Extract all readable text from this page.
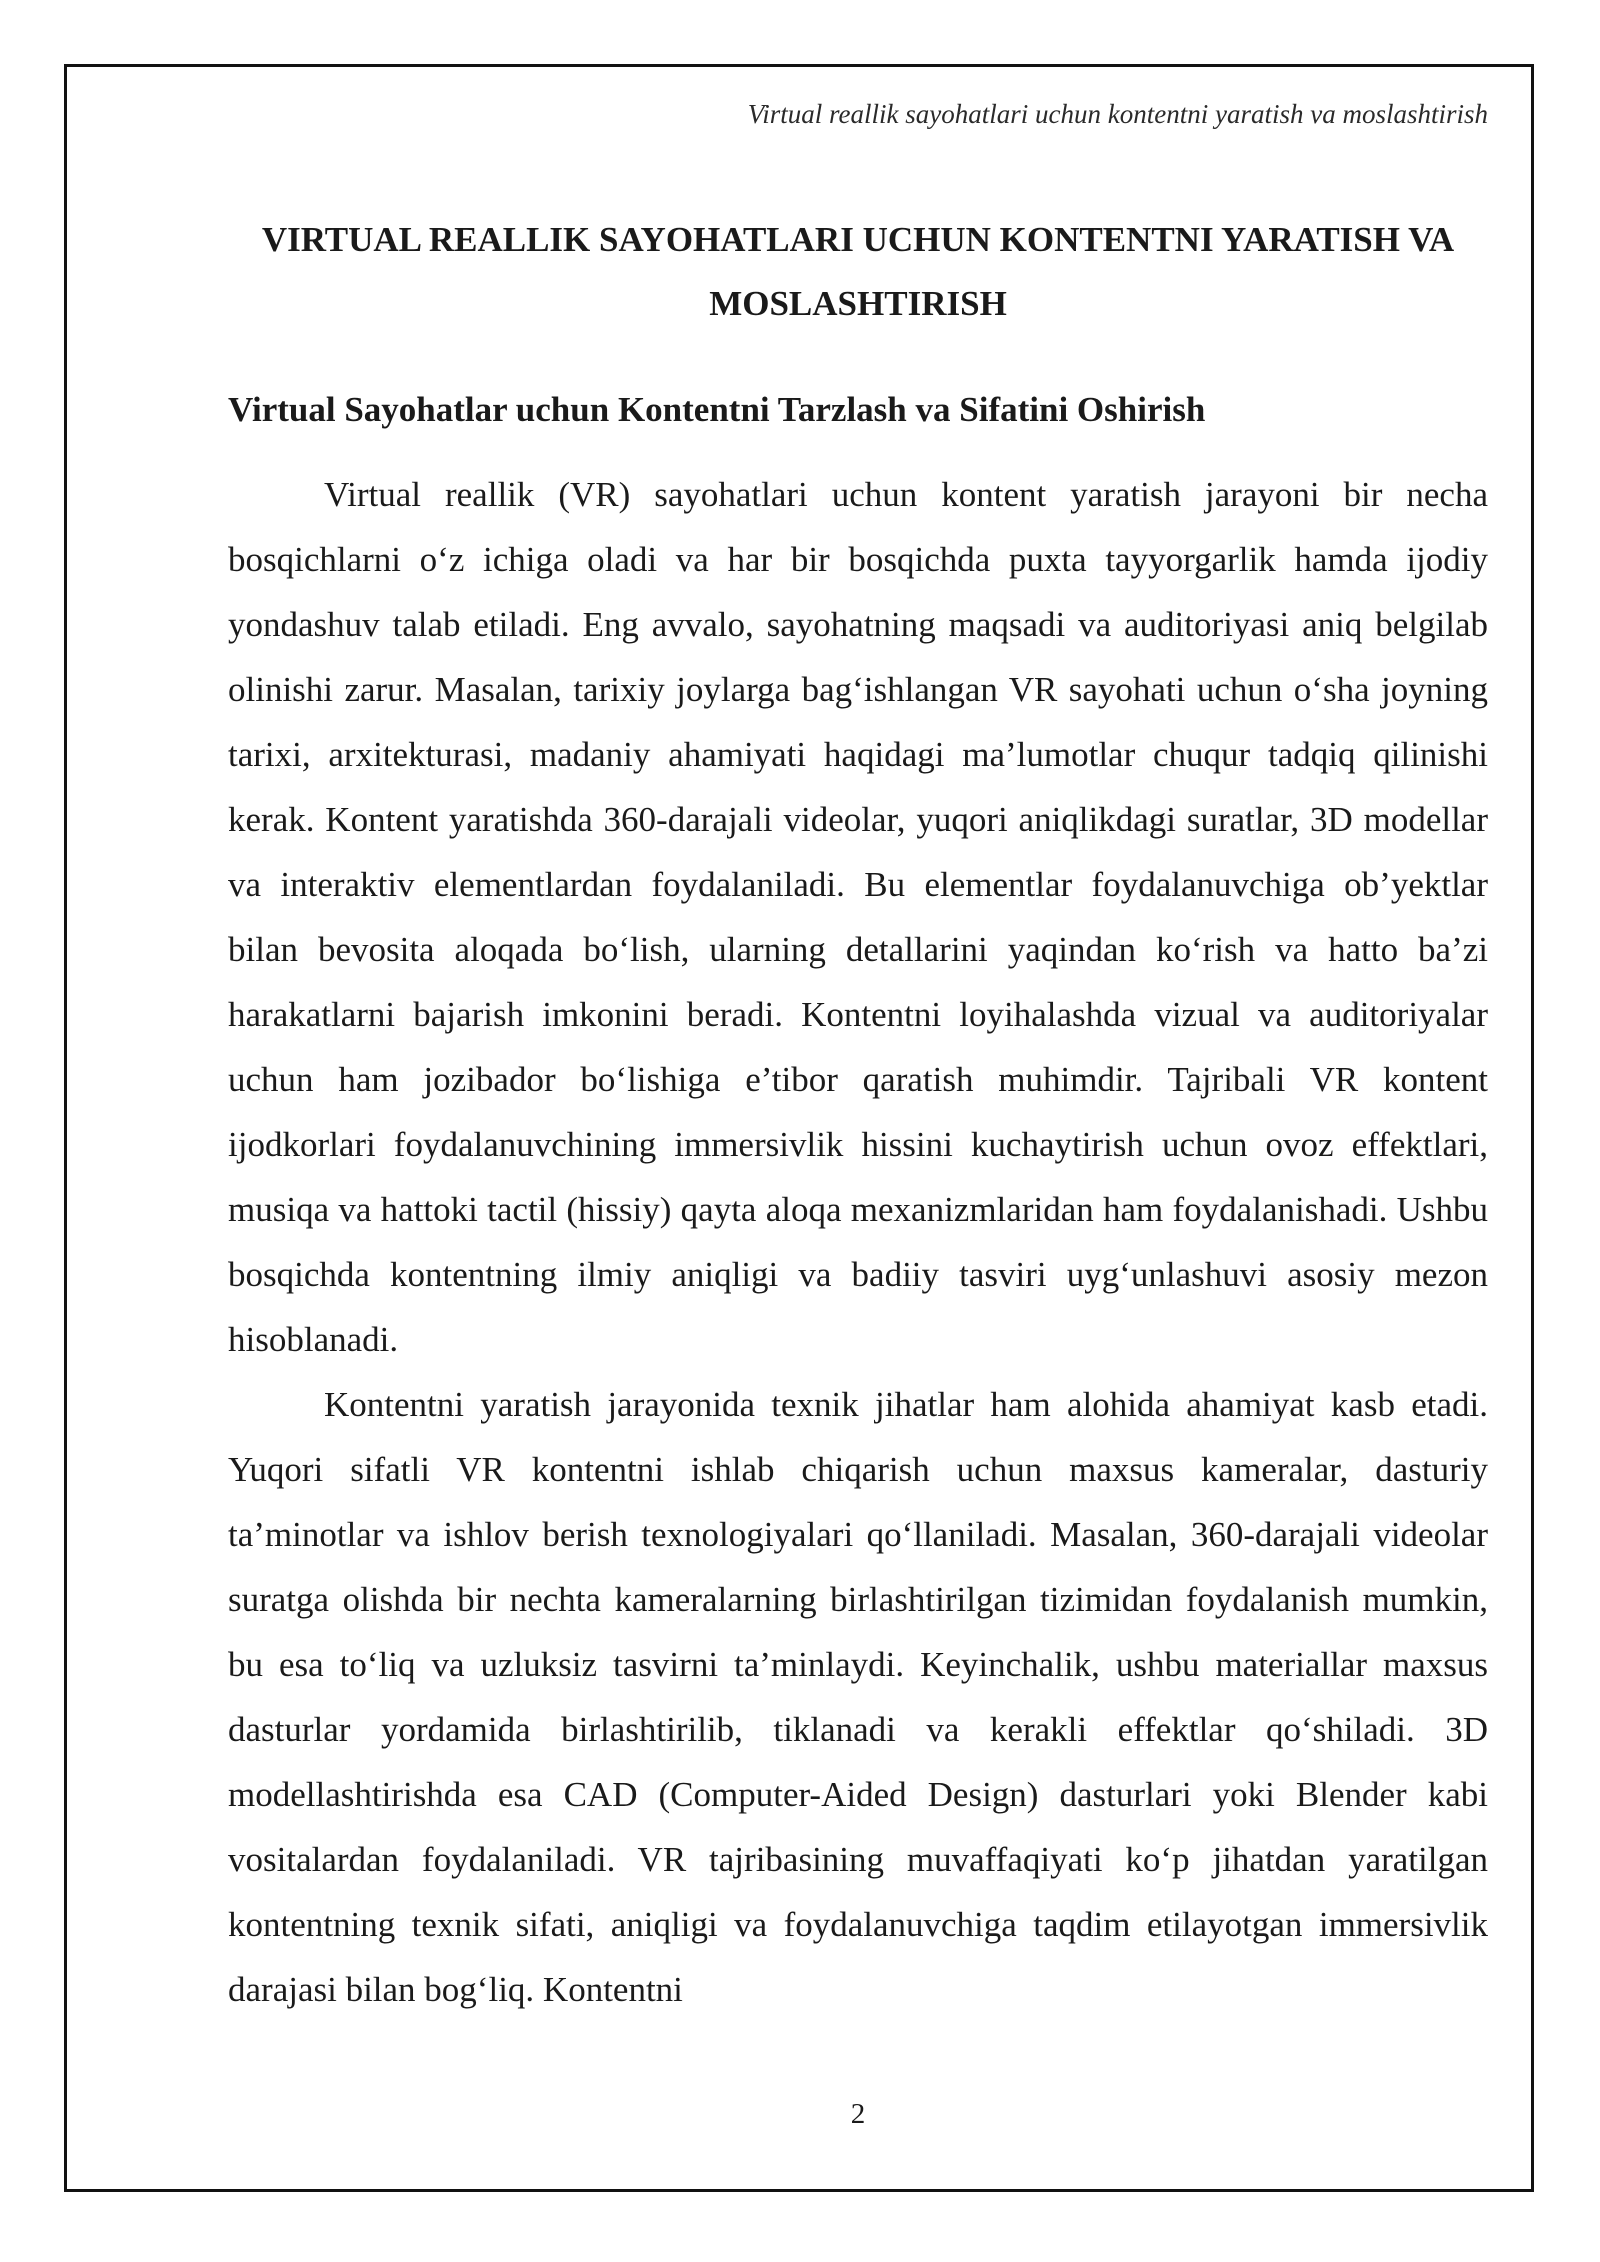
Virtual reallik sayohatlari uchun kontentni yaratish va moslashtirish
VIRTUAL REALLIK SAYOHATLARI UCHUN KONTENTNI YARATISH VA MOSLASHTIRISH
Virtual Sayohatlar uchun Kontentni Tarzlash va Sifatini Oshirish

Virtual reallik (VR) sayohatlari uchun kontent yaratish jarayoni bir necha bosqichlarni o‘z ichiga oladi va har bir bosqichda puxta tayyorgarlik hamda ijodiy yondashuv talab etiladi. Eng avvalo, sayohatning maqsadi va auditoriyasi aniq belgilab olinishi zarur. Masalan, tarixiy joylarga bag‘ishlangan VR sayohati uchun o‘sha joyning tarixi, arxitekturasi, madaniy ahamiyati haqidagi ma’lumotlar chuqur tadqiq qilinishi kerak. Kontent yaratishda 360-darajali videolar, yuqori aniqlikdagi suratlar, 3D modellar va interaktiv elementlardan foydalaniladi. Bu elementlar foydalanuvchiga ob’yektlar bilan bevosita aloqada bo‘lish, ularning detallarini yaqindan ko‘rish va hatto ba’zi harakatlarni bajarish imkonini beradi. Kontentni loyihalashda vizual va auditoriyalar uchun ham jozibador bo‘lishiga e’tibor qaratish muhimdir. Tajribali VR kontent ijodkorlari foydalanuvchining immersivlik hissini kuchaytirish uchun ovoz effektlari, musiqa va hattoki tactil (hissiy) qayta aloqa mexanizmlaridan ham foydalanishadi. Ushbu bosqichda kontentning ilmiy aniqligi va badiiy tasviri uyg‘unlashuvi asosiy mezon hisoblanadi.

Kontentni yaratish jarayonida texnik jihatlar ham alohida ahamiyat kasb etadi. Yuqori sifatli VR kontentni ishlab chiqarish uchun maxsus kameralar, dasturiy ta’minotlar va ishlov berish texnologiyalari qo‘llaniladi. Masalan, 360-darajali videolar suratga olishda bir nechta kameralarning birlashtirilgan tizimidan foydalanish mumkin, bu esa to‘liq va uzluksiz tasvirni ta’minlaydi. Keyinchalik, ushbu materiallar maxsus dasturlar yordamida birlashtirilib, tiklanadi va kerakli effektlar qo‘shiladi. 3D modellashtirishda esa CAD (Computer-Aided Design) dasturlari yoki Blender kabi vositalardan foydalaniladi. VR tajribasining muvaffaqiyati ko‘p jihatdan yaratilgan kontentning texnik sifati, aniqligi va foydalanuvchiga taqdim etilayotgan immersivlik darajasi bilan bog‘liq. Kontentni

2
